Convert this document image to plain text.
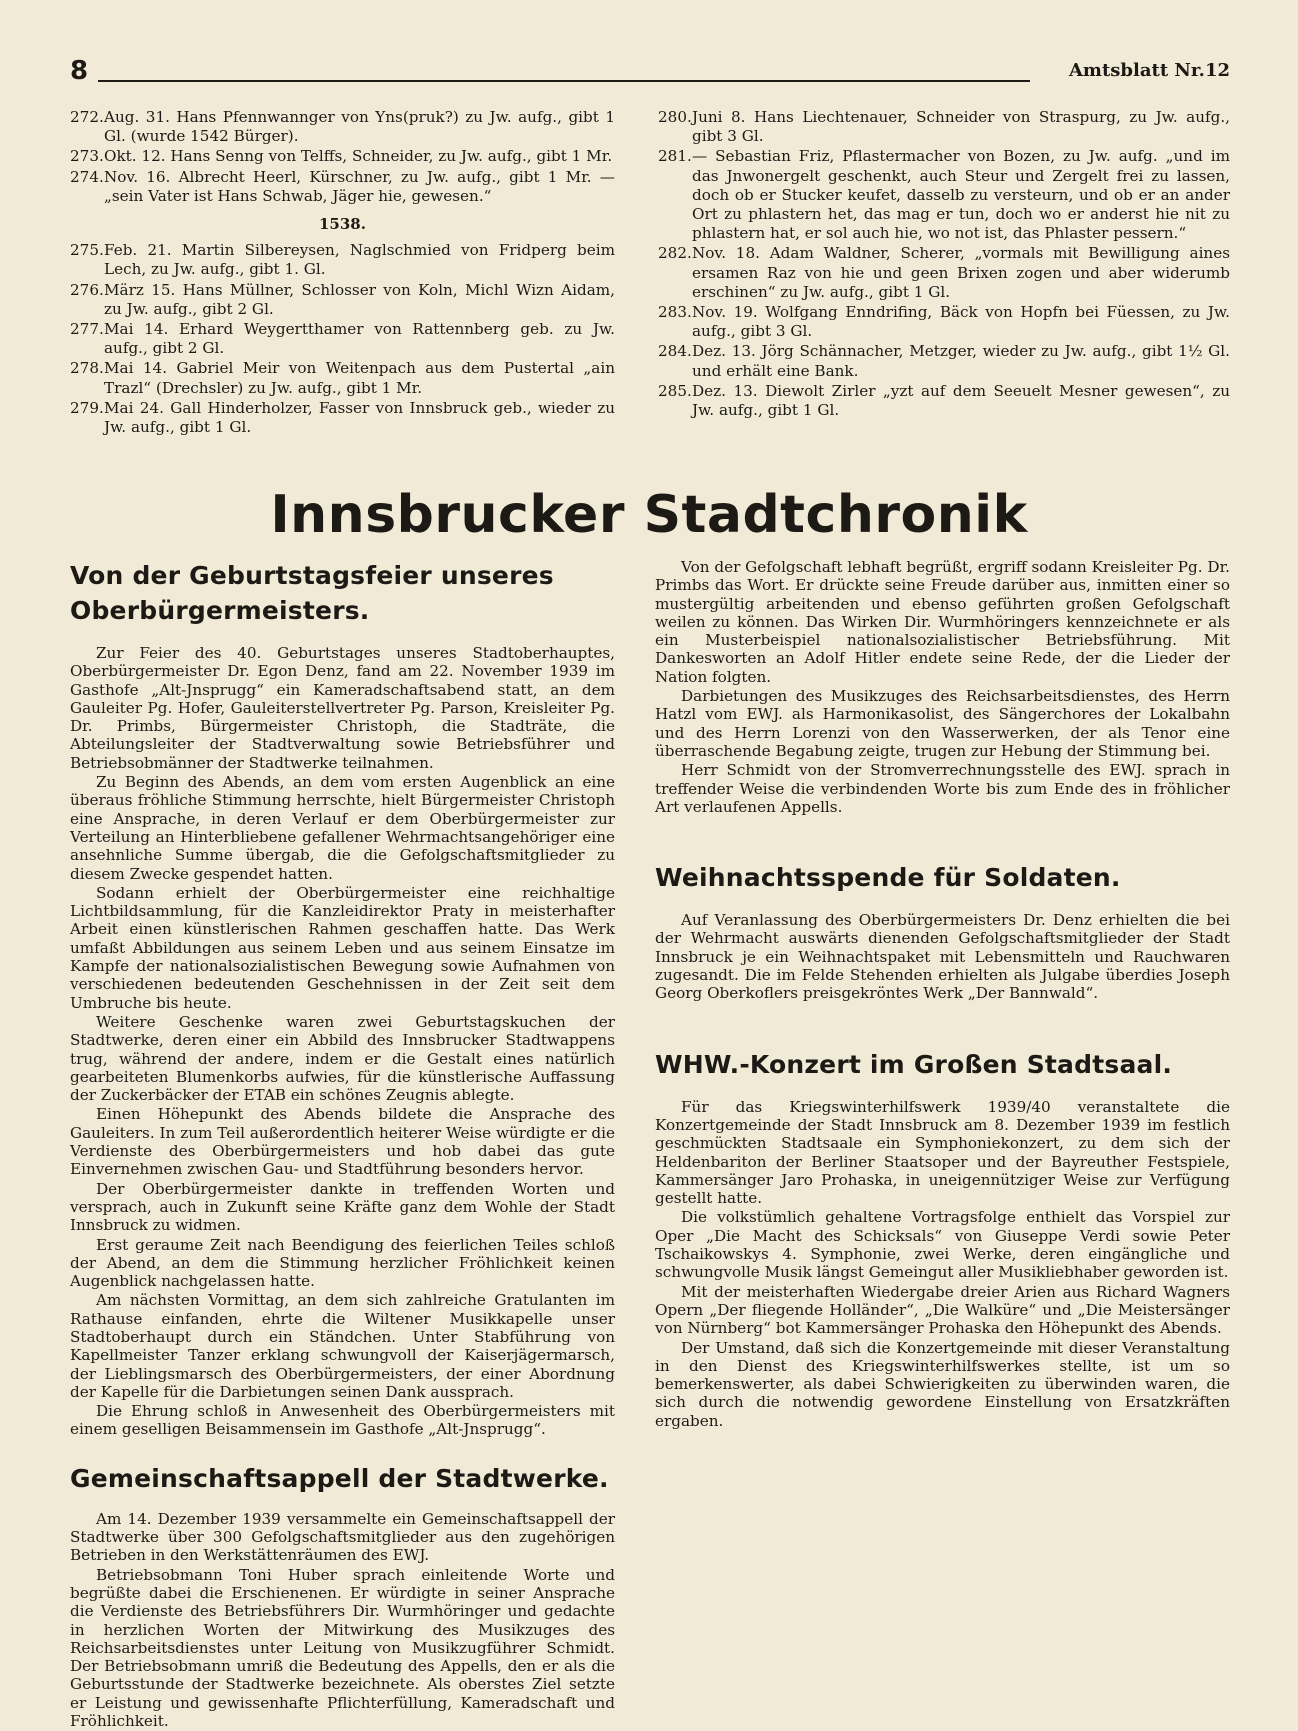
8	Amtsblatt Nr.12
272.Aug. 31. Hans Pfennwannger von Yns(pruk?) zu Jw. aufg., gibt 1 Gl. (wurde 1542 Bürger).
273.Okt. 12. Hans Senng von Telffs, Schneider, zu Jw. aufg., gibt 1 Mr.
274.Nov. 16. Albrecht Heerl, Kürschner, zu Jw. aufg., gibt 1 Mr. — „sein Vater ist Hans Schwab, Jäger hie, gewesen.“
1538.
275.Feb. 21. Martin Silbereysen, Naglschmied von Fridperg beim Lech, zu Jw. aufg., gibt 1. Gl.
276.März 15. Hans Müllner, Schlosser von Koln, Michl Wizn Aidam, zu Jw. aufg., gibt 2 Gl.
277.Mai 14. Erhard Weygertthamer von Rattennberg geb. zu Jw. aufg., gibt 2 Gl.
278.Mai 14. Gabriel Meir von Weitenpach aus dem Pustertal „ain Trazl“ (Drechsler) zu Jw. aufg., gibt 1 Mr.
279.Mai 24. Gall Hinderholzer, Fasser von Innsbruck geb., wieder zu Jw. aufg., gibt 1 Gl.
280.Juni 8. Hans Liechtenauer, Schneider von Straspurg, zu Jw. aufg., gibt 3 Gl.
281.— Sebastian Friz, Pflastermacher von Bozen, zu Jw. aufg. „und im das Jnwonergelt geschenkt, auch Steur und Zergelt frei zu lassen, doch ob er Stucker keufet, dasselb zu versteurn, und ob er an ander Ort zu phlastern het, das mag er tun, doch wo er anderst hie nit zu phlastern hat, er sol auch hie, wo not ist, das Phlaster pessern.“
282.Nov. 18. Adam Waldner, Scherer, „vormals mit Bewilligung aines ersamen Raz von hie und geen Brixen zogen und aber widerumb erschinen“ zu Jw. aufg., gibt 1 Gl.
283.Nov. 19. Wolfgang Enndrifing, Bäck von Hopfn bei Füessen, zu Jw. aufg., gibt 3 Gl.
284.Dez. 13. Jörg Schännacher, Metzger, wieder zu Jw. aufg., gibt 1½ Gl. und erhält eine Bank.
285.Dez. 13. Diewolt Zirler „yzt auf dem Seeuelt Mesner gewesen“, zu Jw. aufg., gibt 1 Gl.
Innsbrucker Stadtchronik
Von der Geburtstagsfeier unseres Oberbürgermeisters.

Zur Feier des 40. Geburtstages unseres Stadtoberhauptes, Oberbürgermeister Dr. Egon Denz, fand am 22. November 1939 im Gasthofe „Alt-Jnsprugg“ ein Kameradschaftsabend statt, an dem Gauleiter Pg. Hofer, Gauleiterstellvertreter Pg. Parson, Kreisleiter Pg. Dr. Primbs, Bürgermeister Christoph, die Stadträte, die Abteilungsleiter der Stadtverwaltung sowie Betriebsführer und Betriebsobmänner der Stadtwerke teilnahmen.

Zu Beginn des Abends, an dem vom ersten Augenblick an eine überaus fröhliche Stimmung herrschte, hielt Bürgermeister Christoph eine Ansprache, in deren Verlauf er dem Oberbürgermeister zur Verteilung an Hinterbliebene gefallener Wehrmachtsangehöriger eine ansehnliche Summe übergab, die die Gefolgschaftsmitglieder zu diesem Zwecke gespendet hatten.

Sodann erhielt der Oberbürgermeister eine reichhaltige Lichtbildsammlung, für die Kanzleidirektor Praty in meisterhafter Arbeit einen künstlerischen Rahmen geschaffen hatte. Das Werk umfaßt Abbildungen aus seinem Leben und aus seinem Einsatze im Kampfe der nationalsozialistischen Bewegung sowie Aufnahmen von verschiedenen bedeutenden Geschehnissen in der Zeit seit dem Umbruche bis heute.

Weitere Geschenke waren zwei Geburtstagskuchen der Stadtwerke, deren einer ein Abbild des Innsbrucker Stadtwappens trug, während der andere, indem er die Gestalt eines natürlich gearbeiteten Blumenkorbs aufwies, für die künstlerische Auffassung der Zuckerbäcker der ETAB ein schönes Zeugnis ablegte.

Einen Höhepunkt des Abends bildete die Ansprache des Gauleiters. In zum Teil außerordentlich heiterer Weise würdigte er die Verdienste des Oberbürgermeisters und hob dabei das gute Einvernehmen zwischen Gau- und Stadtführung besonders hervor.

Der Oberbürgermeister dankte in treffenden Worten und versprach, auch in Zukunft seine Kräfte ganz dem Wohle der Stadt Innsbruck zu widmen.

Erst geraume Zeit nach Beendigung des feierlichen Teiles schloß der Abend, an dem die Stimmung herzlicher Fröhlichkeit keinen Augenblick nachgelassen hatte.

Am nächsten Vormittag, an dem sich zahlreiche Gratulanten im Rathause einfanden, ehrte die Wiltener Musikkapelle unser Stadtoberhaupt durch ein Ständchen. Unter Stabführung von Kapellmeister Tanzer erklang schwungvoll der Kaiserjägermarsch, der Lieblingsmarsch des Oberbürgermeisters, der einer Abordnung der Kapelle für die Darbietungen seinen Dank aussprach.

Die Ehrung schloß in Anwesenheit des Oberbürgermeisters mit einem geselligen Beisammensein im Gasthofe „Alt-Jnsprugg“.

Gemeinschaftsappell der Stadtwerke.

Am 14. Dezember 1939 versammelte ein Gemeinschaftsappell der Stadtwerke über 300 Gefolgschaftsmitglieder aus den zugehörigen Betrieben in den Werkstättenräumen des EWJ.

Betriebsobmann Toni Huber sprach einleitende Worte und begrüßte dabei die Erschienenen. Er würdigte in seiner Ansprache die Verdienste des Betriebsführers Dir. Wurmhöringer und gedachte in herzlichen Worten der Mitwirkung des Musikzuges des Reichsarbeitsdienstes unter Leitung von Musikzugführer Schmidt. Der Betriebsobmann umriß die Bedeutung des Appells, den er als die Geburtsstunde der Stadtwerke bezeichnete. Als oberstes Ziel setzte er Leistung und gewissenhafte Pflichterfüllung, Kameradschaft und Fröhlichkeit.

Von der Gefolgschaft lebhaft begrüßt, ergriff sodann Kreisleiter Pg. Dr. Primbs das Wort. Er drückte seine Freude darüber aus, inmitten einer so mustergültig arbeitenden und ebenso geführten großen Gefolgschaft weilen zu können. Das Wirken Dir. Wurmhöringers kennzeichnete er als ein Musterbeispiel nationalsozialistischer Betriebsführung. Mit Dankesworten an Adolf Hitler endete seine Rede, der die Lieder der Nation folgten.

Darbietungen des Musikzuges des Reichsarbeitsdienstes, des Herrn Hatzl vom EWJ. als Harmonikasolist, des Sängerchores der Lokalbahn und des Herrn Lorenzi von den Wasserwerken, der als Tenor eine überraschende Begabung zeigte, trugen zur Hebung der Stimmung bei.

Herr Schmidt von der Stromverrechnungsstelle des EWJ. sprach in treffender Weise die verbindenden Worte bis zum Ende des in fröhlicher Art verlaufenen Appells.

Weihnachtsspende für Soldaten.

Auf Veranlassung des Oberbürgermeisters Dr. Denz erhielten die bei der Wehrmacht auswärts dienenden Gefolgschaftsmitglieder der Stadt Innsbruck je ein Weihnachtspaket mit Lebensmitteln und Rauchwaren zugesandt. Die im Felde Stehenden erhielten als Julgabe überdies Joseph Georg Oberkoflers preisgekröntes Werk „Der Bannwald“.

WHW.-Konzert im Großen Stadtsaal.

Für das Kriegswinterhilfswerk 1939/40 veranstaltete die Konzertgemeinde der Stadt Innsbruck am 8. Dezember 1939 im festlich geschmückten Stadtsaale ein Symphoniekonzert, zu dem sich der Heldenbariton der Berliner Staatsoper und der Bayreuther Festspiele, Kammersänger Jaro Prohaska, in uneigennütziger Weise zur Verfügung gestellt hatte.

Die volkstümlich gehaltene Vortragsfolge enthielt das Vorspiel zur Oper „Die Macht des Schicksals“ von Giuseppe Verdi sowie Peter Tschaikowskys 4. Symphonie, zwei Werke, deren eingängliche und schwungvolle Musik längst Gemeingut aller Musikliebhaber geworden ist.

Mit der meisterhaften Wiedergabe dreier Arien aus Richard Wagners Opern „Der fliegende Holländer“, „Die Walküre“ und „Die Meistersänger von Nürnberg“ bot Kammersänger Prohaska den Höhepunkt des Abends.

Der Umstand, daß sich die Konzertgemeinde mit dieser Veranstaltung in den Dienst des Kriegswinterhilfswerkes stellte, ist um so bemerkenswerter, als dabei Schwierigkeiten zu überwinden waren, die sich durch die notwendig gewordene Einstellung von Ersatzkräften ergaben.
